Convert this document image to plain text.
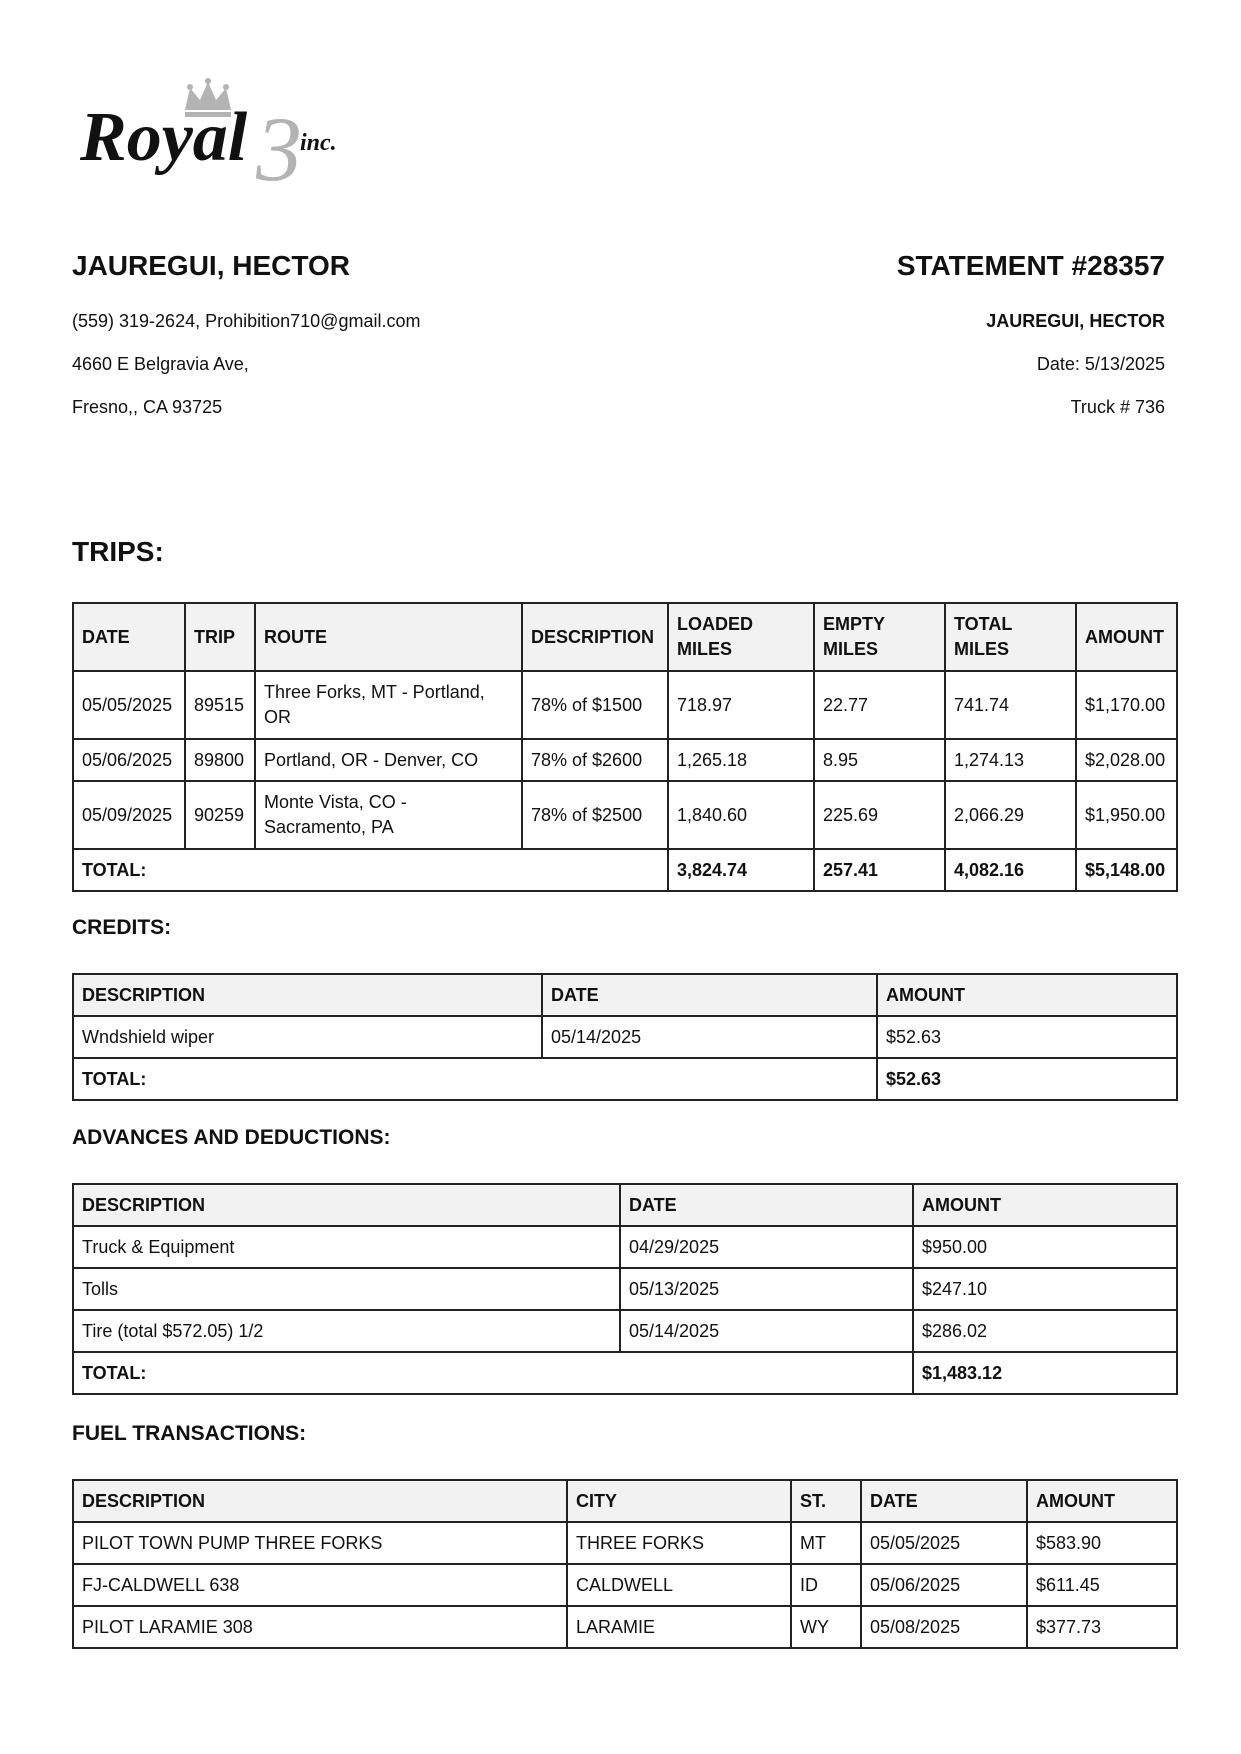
3
Royal inc.
JAUREGUI, HECTOR	STATEMENT #28357
(559) 319-2624, Prohibition710@gmail.com
4660 E Belgravia Ave,
Fresno,, CA 93725
JAUREGUI, HECTOR
Date: 5/13/2025
Truck # 736
TRIPS:
DATE	TRIP	ROUTE	DESCRIPTION	LOADED MILES	EMPTY MILES	TOTAL MILES	AMOUNT
05/05/2025	89515	Three Forks, MT - Portland, OR	78% of $1500	718.97	22.77	741.74	$1,170.00
05/06/2025	89800	Portland, OR - Denver, CO	78% of $2600	1,265.18	8.95	1,274.13	$2,028.00
05/09/2025	90259	Monte Vista, CO - Sacramento, PA	78% of $2500	1,840.60	225.69	2,066.29	$1,950.00
TOTAL:				3,824.74	257.41	4,082.16	$5,148.00
CREDITS:
DESCRIPTION	DATE	AMOUNT
Wndshield wiper	05/14/2025	$52.63
TOTAL:		$52.63
ADVANCES AND DEDUCTIONS:
DESCRIPTION	DATE	AMOUNT
Truck & Equipment	04/29/2025	$950.00
Tolls	05/13/2025	$247.10
Tire (total $572.05) 1/2	05/14/2025	$286.02
TOTAL:		$1,483.12
FUEL TRANSACTIONS:
DESCRIPTION	CITY	ST.	DATE	AMOUNT
PILOT TOWN PUMP THREE FORKS	THREE FORKS	MT	05/05/2025	$583.90
FJ-CALDWELL 638	CALDWELL	ID	05/06/2025	$611.45
PILOT LARAMIE 308	LARAMIE	WY	05/08/2025	$377.73
